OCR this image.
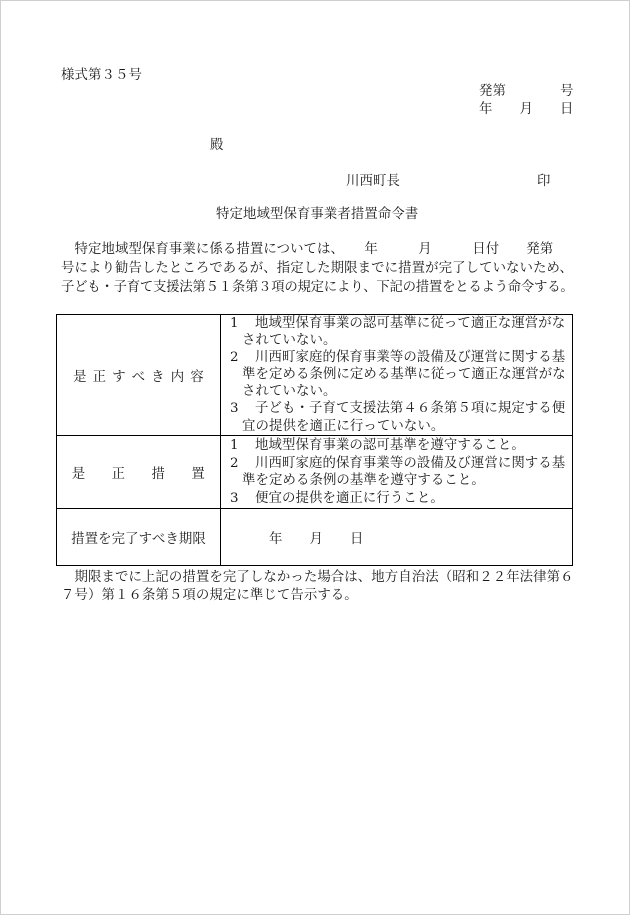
様式第３５号
発第　　　　号
年　　月　　日
殿
川西町長	印
特定地域型保育事業者措置命令書
　特定地域型保育事業に係る措置については、　　年　　　月　　　日付　　発第
号により勧告したところであるが、指定した期限までに措置が完了していないため、
子ども・子育て支援法第５１条第３項の規定により、下記の措置をとるよう命令する。
是正すべき内容
1 地域型保育事業の認可基準に従って適正な運営がな
されていない。
2 川西町家庭的保育事業等の設備及び運営に関する基
準を定める条例に定める基準に従って適正な運営がな
されていない。
3 子ども・子育て支援法第４６条第５項に規定する便
宜の提供を適正に行っていない。
是正措置
1 地域型保育事業の認可基準を遵守すること。
2 川西町家庭的保育事業等の設備及び運営に関する基
準を定める条例の基準を遵守すること。
3 便宜の提供を適正に行うこと。
措置を完了すべき期限	年　　月　　日
　期限までに上記の措置を完了しなかった場合は、地方自治法（昭和２２年法律第６
７号）第１６条第５項の規定に準じて告示する。
